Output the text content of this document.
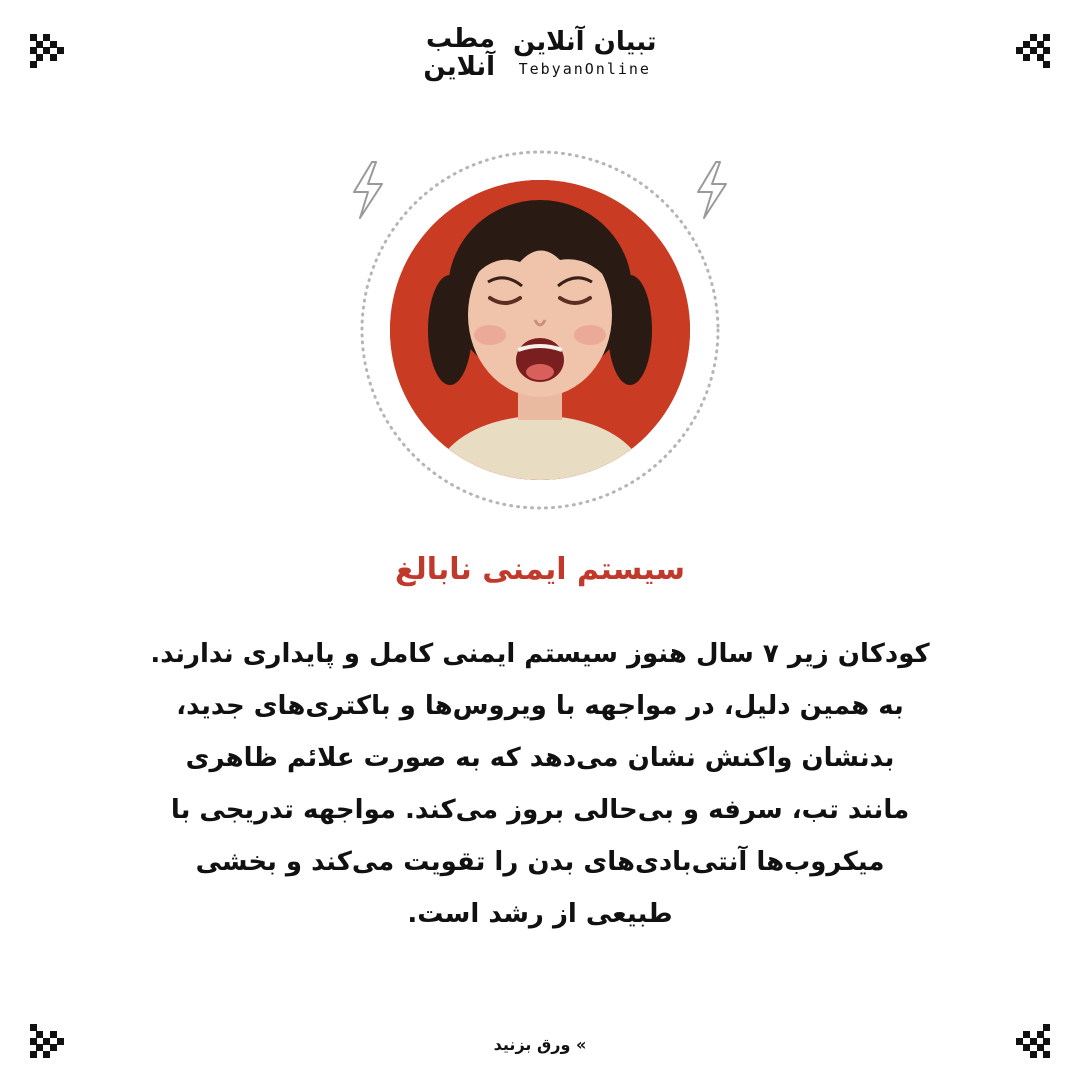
مطب
آنلاین
تبیان آنلاین
TebyanOnline
سیستم ایمنی نابالغ
کودکان زیر ۷ سال هنوز سیستم ایمنی کامل و پایداری ندارند.
به همین دلیل، در مواجهه با ویروس‌ها و باکتری‌های جدید،
بدنشان واکنش نشان می‌دهد که به صورت علائم ظاهری
مانند تب، سرفه و بی‌حالی بروز می‌کند. مواجهه تدریجی با
میکروب‌ها آنتی‌بادی‌های بدن را تقویت می‌کند و بخشی
طبیعی از رشد است.
» ورق بزنید
